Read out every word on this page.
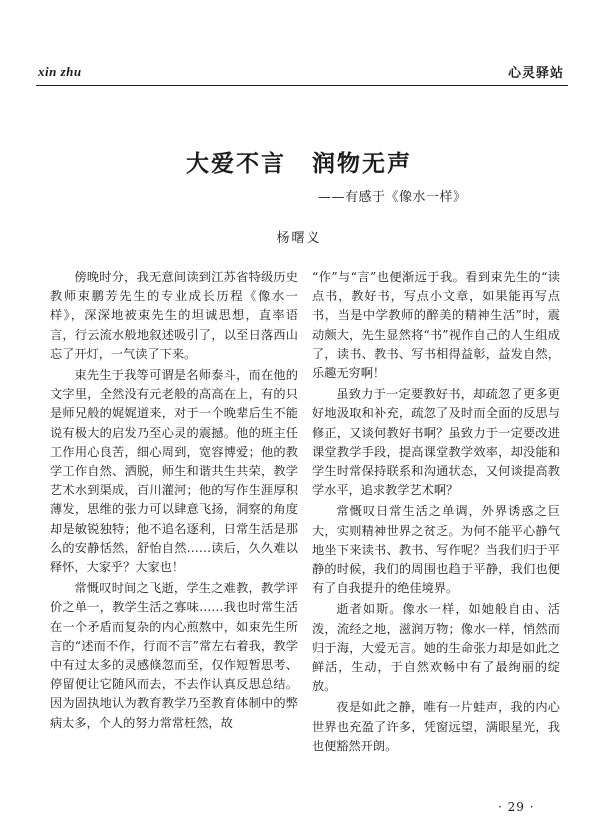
xin zhu	心灵驿站
大爱不言 润物无声
——有感于《像水一样》
杨曙义

傍晚时分，我无意间读到江苏省特级历史教师束鹏芳先生的专业成长历程《像水一样》，深深地被束先生的坦诚思想，直率语言，行云流水般地叙述吸引了，以至日落西山忘了开灯，一气读了下来。

束先生于我等可谓是名师泰斗，而在他的文字里，全然没有元老般的高高在上，有的只是师兄般的娓娓道来，对于一个晚辈后生不能说有极大的启发乃至心灵的震撼。他的班主任工作用心良苦，细心周到，宽容博爱；他的教学工作自然、洒脱，师生和谐共生共荣，教学艺术水到渠成，百川灌河；他的写作生涯厚积薄发，思维的张力可以肆意飞扬，洞察的角度却是敏锐独特；他不追名逐利，日常生活是那么的安静恬然，舒怡自然……读后，久久难以释怀，大家乎？大家也！

常慨叹时间之飞逝，学生之难教，教学评价之单一，教学生活之寡味……我也时常生活在一个矛盾而复杂的内心煎熬中，如束先生所言的“述而不作，行而不言”常左右着我，教学中有过太多的灵感倏忽而至，仅作短暂思考、停留便让它随风而去，不去作认真反思总结。因为固执地认为教育教学乃至教育体制中的弊病太多，个人的努力常常枉然，故

“作”与“言”也便渐远于我。看到束先生的“读点书，教好书，写点小文章，如果能再写点书，当是中学教师的醉美的精神生活”时，震动颇大，先生显然将“书”视作自己的人生组成了，读书、教书、写书相得益彰，益发自然，乐趣无穷啊！

虽致力于一定要教好书，却疏忽了更多更好地汲取和补充，疏忽了及时而全面的反思与修正，又谈何教好书啊？虽致力于一定要改进课堂教学手段，提高课堂教学效率，却没能和学生时常保持联系和沟通状态，又何谈提高教学水平，追求教学艺术啊？

常慨叹日常生活之单调，外界诱惑之巨大，实则精神世界之贫乏。为何不能平心静气地坐下来读书、教书、写作呢？当我们归于平静的时候，我们的周围也趋于平静，我们也便有了自我提升的绝佳境界。

逝者如斯。像水一样，如她般自由、活泼，流经之地，滋润万物；像水一样，悄然而归于海，大爱无言。她的生命张力却是如此之鲜活，生动，于自然欢畅中有了最绚丽的绽放。

夜是如此之静，唯有一片蛙声，我的内心世界也充盈了许多，凭窗远望，满眼星光，我也便豁然开朗。

· 29 ·
